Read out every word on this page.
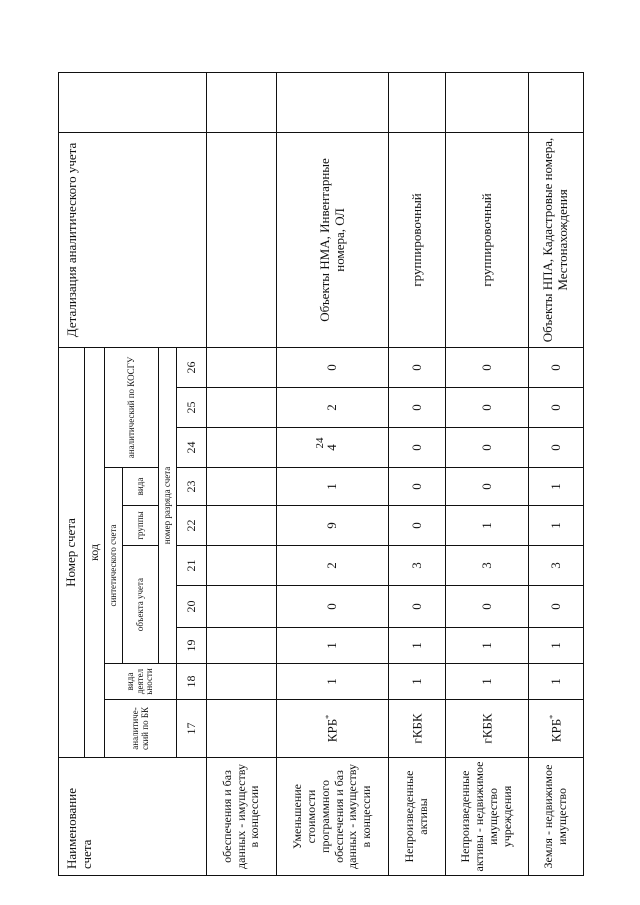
24
Наименование счета	Номер счета										Детализация аналитического учета	
	код											
	аналитический по БК	вида деятел ьности	синтетического счета					аналитический по КОСГУ				
			объекта учета			группы	вида					
			номер разряда счета									
	17	18	19	20	21	22	23	24	25	26		
обеспечения и баз данных - имуществу в концессии												
Уменьшение стоимости программного обеспечения и баз данных - имуществу в концессии	КРБ*	1	1	0	2	9	1	4	2	0	Объекты НМА, Инвентарные номера, ОЛ	
Непроизведенные активы	гКБК	1	1	0	3	0	0	0	0	0	группировочный	
Непроизведенные активы - недвижимое имущество учреждения	гКБК	1	1	0	3	1	0	0	0	0	группировочный	
Земля - недвижимое имущество	КРБ*	1	1	0	3	1	1	0	0	0	Объекты НПА, Кадастровые номера, Местонахождения	
